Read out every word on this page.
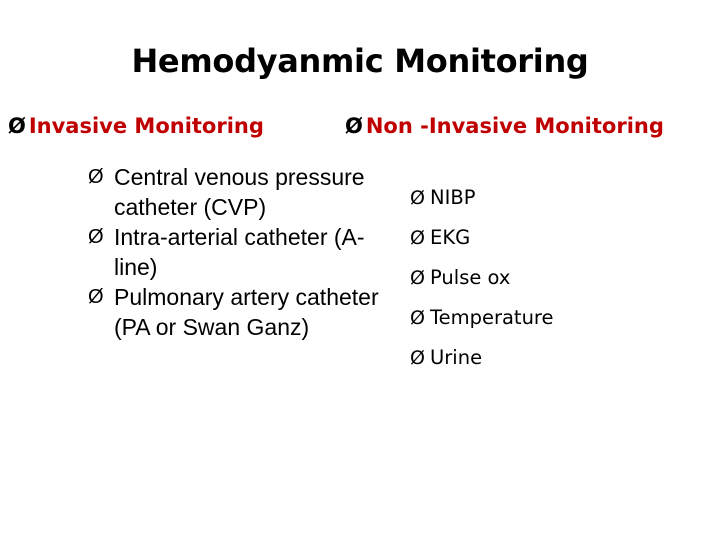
Hemodyanmic Monitoring
Ø Invasive Monitoring	Ø Non -Invasive Monitoring
Ø Central venous pressure catheter (CVP)
Ø Intra-arterial catheter (A-line)
Ø Pulmonary artery catheter (PA or Swan Ganz)
Ø NIBP
Ø EKG
Ø Pulse ox
Ø Temperature
Ø Urine
